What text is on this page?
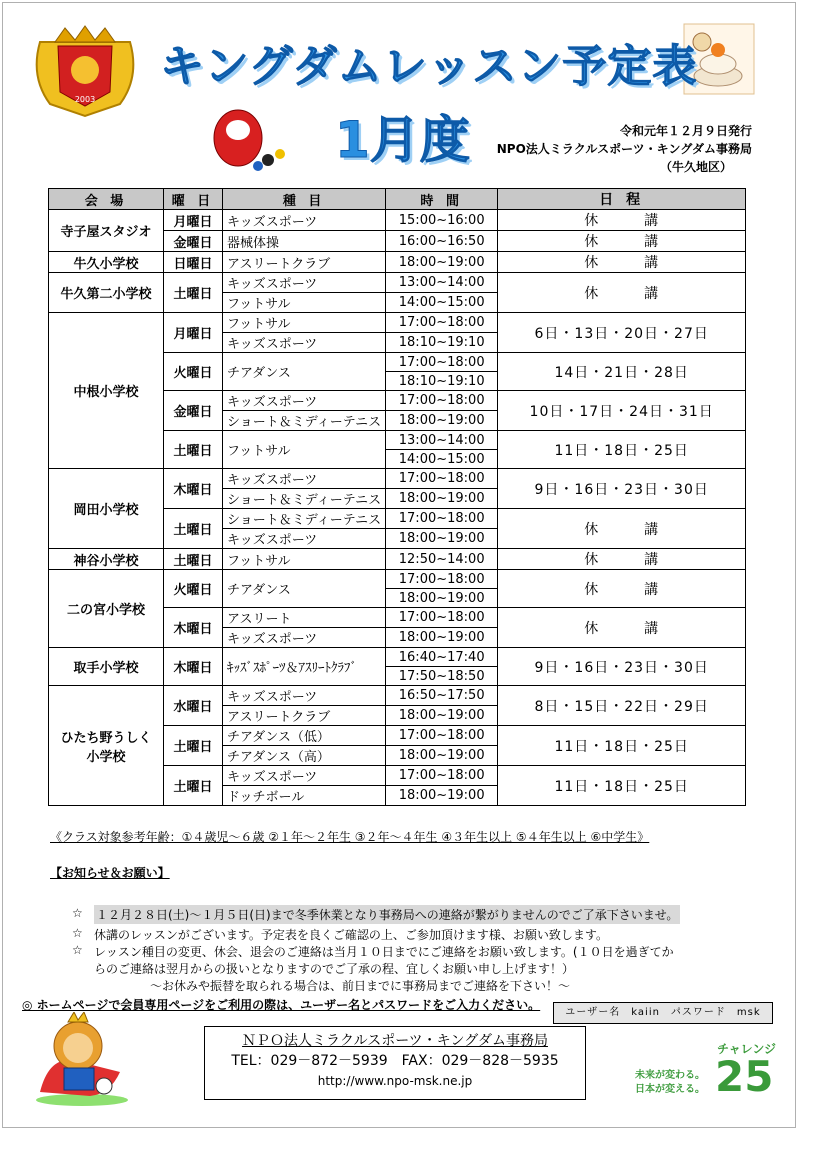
2003
キングダムレッスン予定表
1月度	令和元年１２月９日発行
NPO法人ミラクルスポーツ・キングダム事務局
（牛久地区）
会 場	曜 日	種 目	時 間	日 程
寺子屋スタジオ	月曜日	キッズスポーツ	15:00~16:00	休　　　講
	金曜日	器械体操	16:00~16:50	休　　　講
牛久小学校	日曜日	アスリートクラブ	18:00~19:00	休　　　講
牛久第二小学校	土曜日	キッズスポーツ	13:00~14:00	休　　　講
		フットサル	14:00~15:00	
中根小学校	月曜日	フットサル	17:00~18:00	6日・13日・20日・27日
		キッズスポーツ	18:10~19:10	
	火曜日	チアダンス	17:00~18:00	14日・21日・28日
			18:10~19:10	
	金曜日	キッズスポーツ	17:00~18:00	10日・17日・24日・31日
		ショート＆ミディーテニス	18:00~19:00	
	土曜日	フットサル	13:00~14:00	11日・18日・25日
			14:00~15:00	
岡田小学校	木曜日	キッズスポーツ	17:00~18:00	9日・16日・23日・30日
		ショート＆ミディーテニス	18:00~19:00	
	土曜日	ショート＆ミディーテニス	17:00~18:00	休　　　講
		キッズスポーツ	18:00~19:00	
神谷小学校	土曜日	フットサル	12:50~14:00	休　　　講
二の宮小学校	火曜日	チアダンス	17:00~18:00	休　　　講
			18:00~19:00	
	木曜日	アスリート	17:00~18:00	休　　　講
		キッズスポーツ	18:00~19:00	
取手小学校	木曜日	ｷｯｽﾞｽﾎﾟｰﾂ＆ｱｽﾘｰﾄｸﾗﾌﾞ	16:40~17:40	9日・16日・23日・30日
			17:50~18:50	
ひたち野うしく
小学校	水曜日	キッズスポーツ	16:50~17:50	8日・15日・22日・29日
		アスリートクラブ	18:00~19:00	
	土曜日	チアダンス（低）	17:00~18:00	11日・18日・25日
		チアダンス（高）	18:00~19:00	
	土曜日	キッズスポーツ	17:00~18:00	11日・18日・25日
		ドッチボール	18:00~19:00	
《クラス対象参考年齢：①４歳児～６歳 ②１年～２年生 ③２年～４年生 ④３年生以上 ⑤４年生以上 ⑥中学生》
【お知らせ＆お願い】
☆ １２月２８日(土)～１月５日(日)まで冬季休業となり事務局への連絡が繋がりませんのでご了承下さいませ。
☆ 休講のレッスンがございます。予定表を良くご確認の上、ご参加頂けます様、お願い致します。
☆ レッスン種目の変更、休会、退会のご連絡は当月１０日までにご連絡をお願い致します。(１０日を過ぎてか
らのご連絡は翌月からの扱いとなりますのでご了承の程、宜しくお願い申し上げます！）
～お休みや振替を取られる場合は、前日までに事務局までご連絡を下さい！～
◎ ホームページで会員専用ページをご利用の際は、ユーザー名とパスワードをご入力ください。
ユーザー名　kaiin　パスワード　msk
ＮＰＯ法人ミラクルスポーツ・キングダム事務局
TEL：029－872－5939　FAX：029－828－5935
http://www.npo-msk.ne.jp
チャレンジ
未来が変わる。
日本が変える。 25
